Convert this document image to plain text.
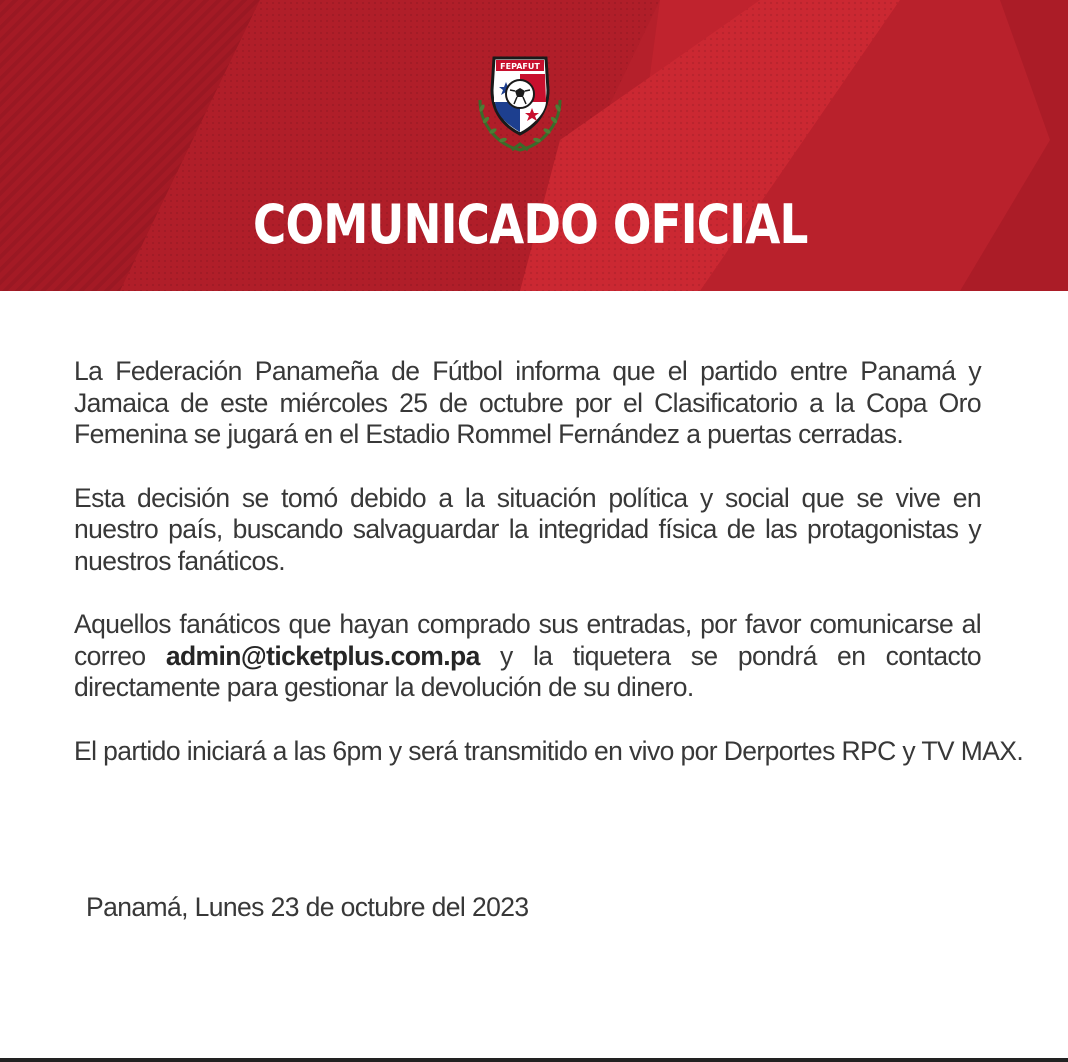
FEPAFUT
COMUNICADO OFICIAL

La Federación Panameña de Fútbol informa que el partido entre Panamá y Jamaica de este miércoles 25 de octubre por el Clasificatorio a la Copa Oro Femenina se jugará en el Estadio Rommel Fernández a puertas cerradas.

Esta decisión se tomó debido a la situación política y social que se vive en nuestro país, buscando salvaguardar la integridad física de las protagonistas y nuestros fanáticos.

Aquellos fanáticos que hayan comprado sus entradas, por favor comunicarse al correo admin@ticketplus.com.pa y la tiquetera se pondrá en contacto directamente para gestionar la devolución de su dinero.

El partido iniciará a las 6pm y será transmitido en vivo por Derportes RPC y TV MAX.

Panamá, Lunes 23 de octubre del 2023
